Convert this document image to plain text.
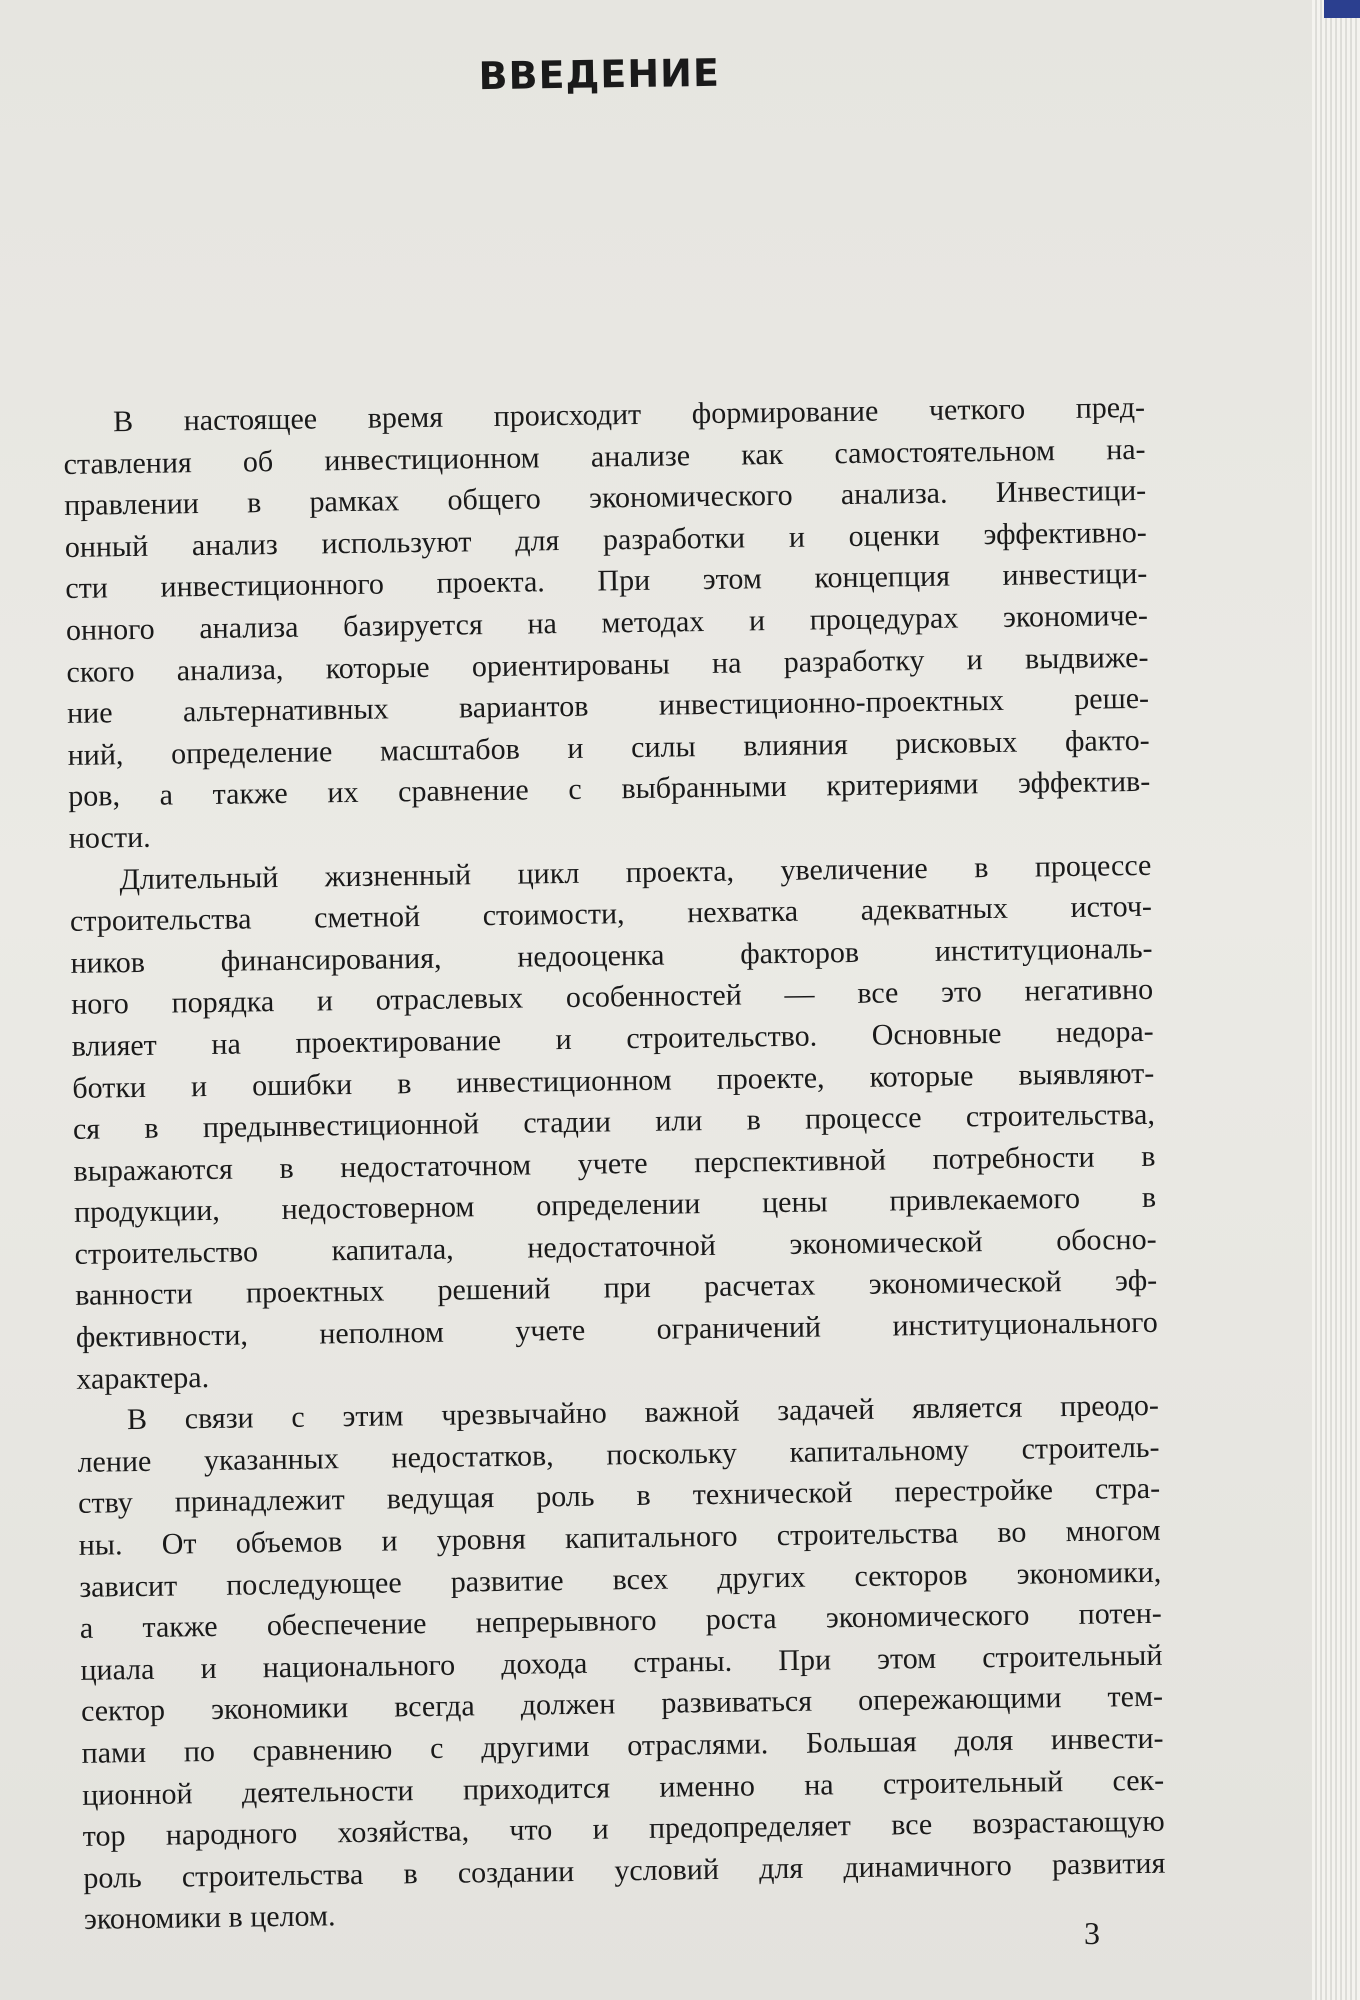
ВВЕДЕНИЕ
В настоящее время происходит формирование четкого пред-
ставления об инвестиционном анализе как самостоятельном на-
правлении в рамках общего экономического анализа. Инвестици-
онный анализ используют для разработки и оценки эффективно-
сти инвестиционного проекта. При этом концепция инвестици-
онного анализа базируется на методах и процедурах экономиче-
ского анализа, которые ориентированы на разработку и выдвиже-
ние альтернативных вариантов инвестиционно-проектных реше-
ний, определение масштабов и силы влияния рисковых факто-
ров, а также их сравнение с выбранными критериями эффектив-
ности.
Длительный жизненный цикл проекта, увеличение в процессе
строительства сметной стоимости, нехватка адекватных источ-
ников финансирования, недооценка факторов институциональ-
ного порядка и отраслевых особенностей — все это негативно
влияет на проектирование и строительство. Основные недора-
ботки и ошибки в инвестиционном проекте, которые выявляют-
ся в предынвестиционной стадии или в процессе строительства,
выражаются в недостаточном учете перспективной потребности в
продукции, недостоверном определении цены привлекаемого в
строительство капитала, недостаточной экономической обосно-
ванности проектных решений при расчетах экономической эф-
фективности, неполном учете ограничений институционального
характера.
В связи с этим чрезвычайно важной задачей является преодо-
ление указанных недостатков, поскольку капитальному строитель-
ству принадлежит ведущая роль в технической перестройке стра-
ны. От объемов и уровня капитального строительства во многом
зависит последующее развитие всех других секторов экономики,
а также обеспечение непрерывного роста экономического потен-
циала и национального дохода страны. При этом строительный
сектор экономики всегда должен развиваться опережающими тем-
пами по сравнению с другими отраслями. Большая доля инвести-
ционной деятельности приходится именно на строительный сек-
тор народного хозяйства, что и предопределяет все возрастающую
роль строительства в создании условий для динамичного развития
экономики в целом.	3
